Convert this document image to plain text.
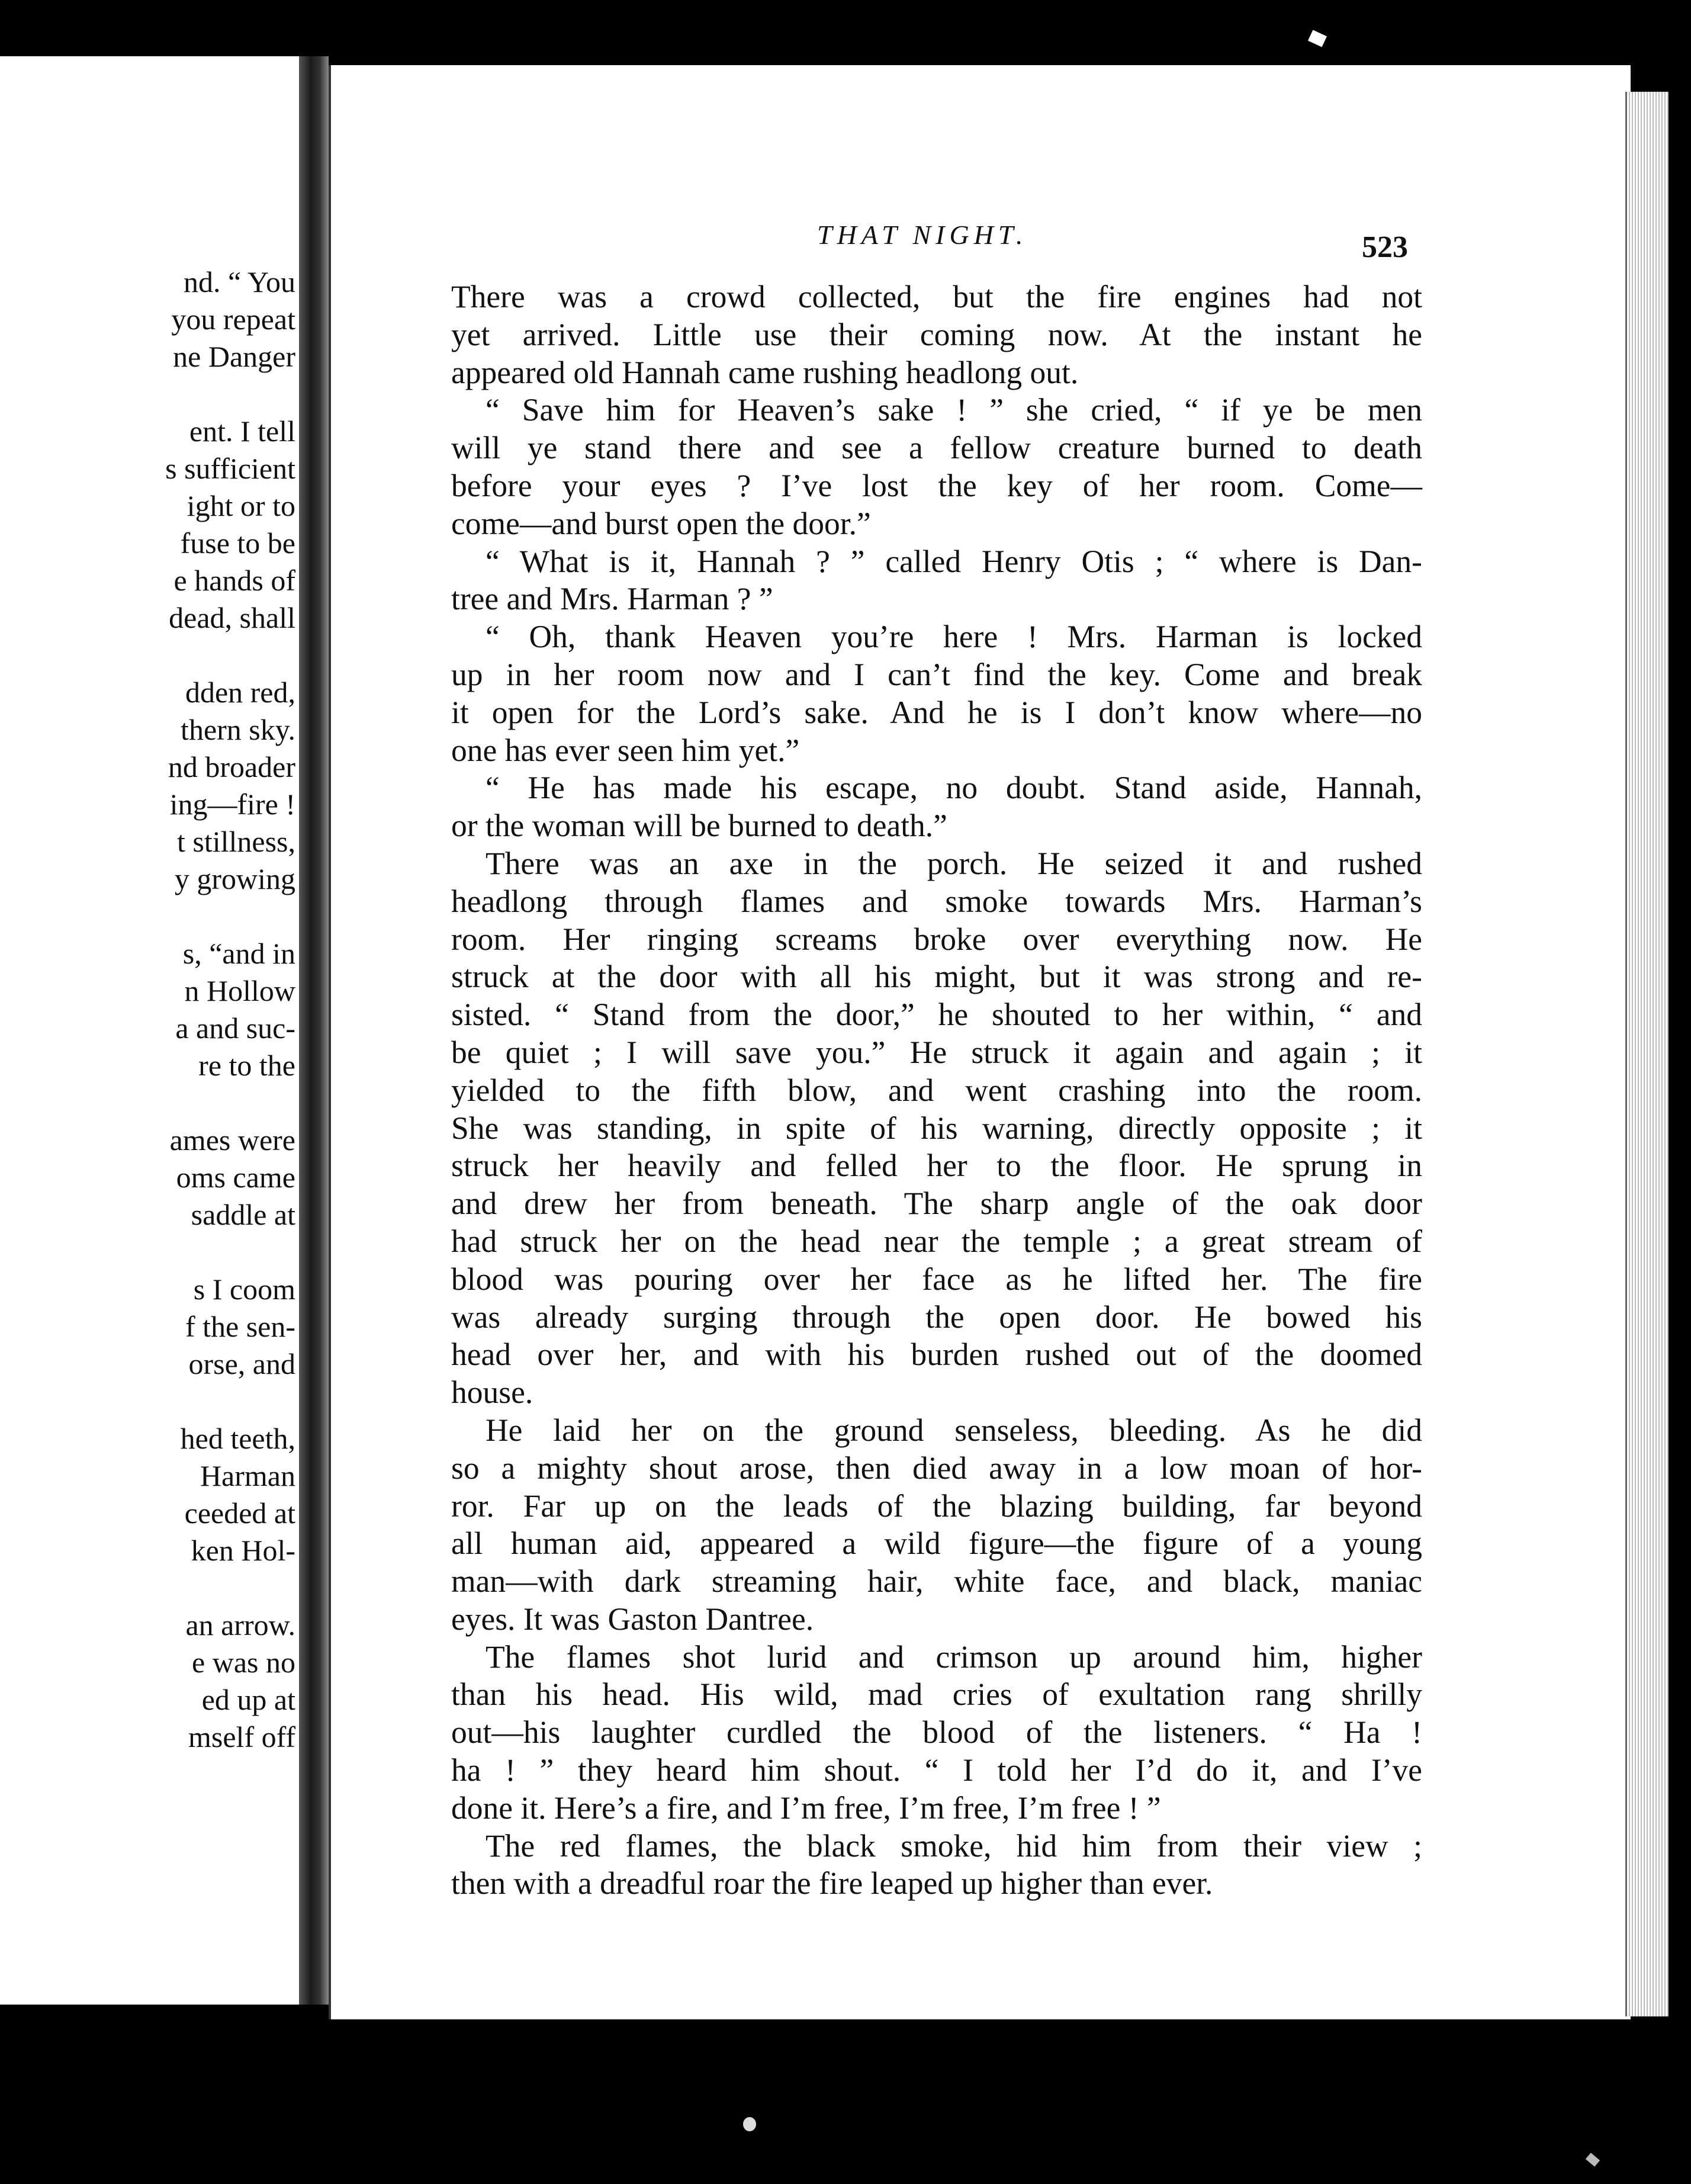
nd. “ You
you repeat
ne Danger
ent. I tell
s sufficient
ight or to
fuse to be
e hands of
dead, shall
dden red,
thern sky.
nd broader
ing—fire !
t stillness,
y growing
s, “and in
n Hollow
a and suc-
re to the
ames were
oms came
saddle at
s I coom
f the sen-
orse, and
hed teeth,
Harman
ceeded at
ken Hol-
an arrow.
e was no
ed up at
mself off
THAT NIGHT.	523
There was a crowd collected, but the fire engines had not
yet arrived. Little use their coming now. At the instant he
appeared old Hannah came rushing headlong out.
“ Save him for Heaven’s sake ! ” she cried, “ if ye be men
will ye stand there and see a fellow creature burned to death
before your eyes ? I’ve lost the key of her room. Come—
come—and burst open the door.”
“ What is it, Hannah ? ” called Henry Otis ; “ where is Dan-
tree and Mrs. Harman ? ”
“ Oh, thank Heaven you’re here ! Mrs. Harman is locked
up in her room now and I can’t find the key. Come and break
it open for the Lord’s sake. And he is I don’t know where—no
one has ever seen him yet.”
“ He has made his escape, no doubt. Stand aside, Hannah,
or the woman will be burned to death.”
There was an axe in the porch. He seized it and rushed
headlong through flames and smoke towards Mrs. Harman’s
room. Her ringing screams broke over everything now. He
struck at the door with all his might, but it was strong and re-
sisted. “ Stand from the door,” he shouted to her within, “ and
be quiet ; I will save you.” He struck it again and again ; it
yielded to the fifth blow, and went crashing into the room.
She was standing, in spite of his warning, directly opposite ; it
struck her heavily and felled her to the floor. He sprung in
and drew her from beneath. The sharp angle of the oak door
had struck her on the head near the temple ; a great stream of
blood was pouring over her face as he lifted her. The fire
was already surging through the open door. He bowed his
head over her, and with his burden rushed out of the doomed
house.
He laid her on the ground senseless, bleeding. As he did
so a mighty shout arose, then died away in a low moan of hor-
ror. Far up on the leads of the blazing building, far beyond
all human aid, appeared a wild figure—the figure of a young
man—with dark streaming hair, white face, and black, maniac
eyes. It was Gaston Dantree.
The flames shot lurid and crimson up around him, higher
than his head. His wild, mad cries of exultation rang shrilly
out—his laughter curdled the blood of the listeners. “ Ha !
ha ! ” they heard him shout. “ I told her I’d do it, and I’ve
done it. Here’s a fire, and I’m free, I’m free, I’m free ! ”
The red flames, the black smoke, hid him from their view ;
then with a dreadful roar the fire leaped up higher than ever.
